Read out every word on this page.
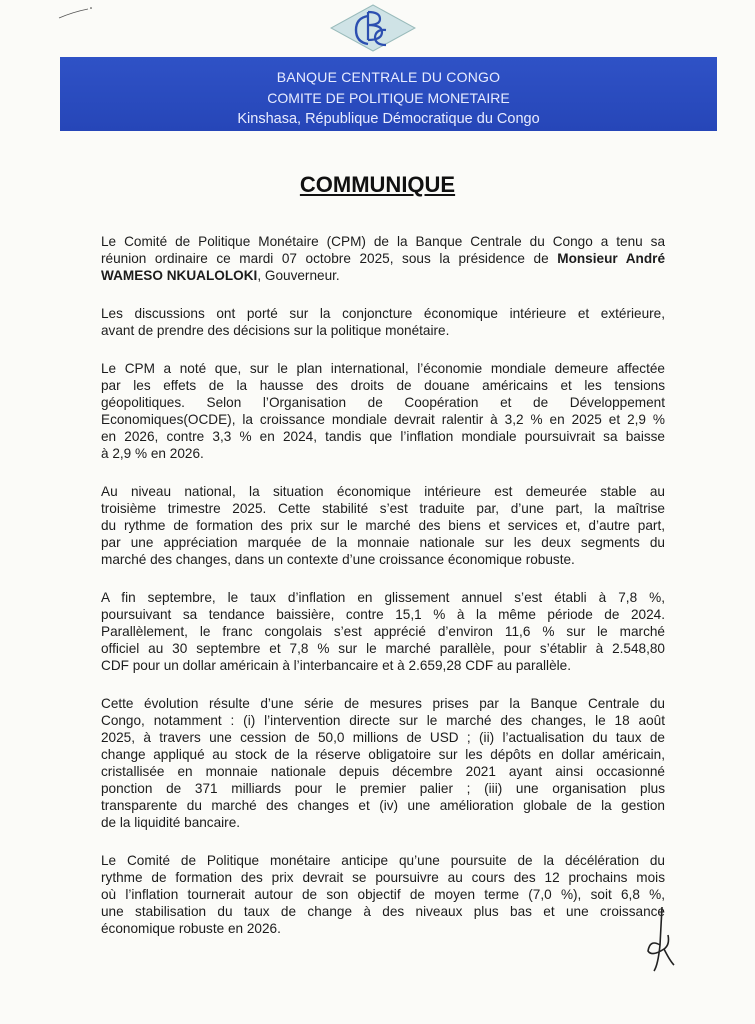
BANQUE CENTRALE DU CONGO
COMITE DE POLITIQUE MONETAIRE
Kinshasa, République Démocratique du Congo
COMMUNIQUE
Le Comité de Politique Monétaire (CPM) de la Banque Centrale du Congo a tenu sa
réunion ordinaire ce mardi 07 octobre 2025, sous la présidence de Monsieur André
WAMESO NKUALOLOKI, Gouverneur.
Les discussions ont porté sur la conjoncture économique intérieure et extérieure,
avant de prendre des décisions sur la politique monétaire.
Le CPM a noté que, sur le plan international, l’économie mondiale demeure affectée
par les effets de la hausse des droits de douane américains et les tensions
géopolitiques. Selon l’Organisation de Coopération et de Développement
Economiques(OCDE), la croissance mondiale devrait ralentir à 3,2 % en 2025 et 2,9 %
en 2026, contre 3,3 % en 2024, tandis que l’inflation mondiale poursuivrait sa baisse
à 2,9 % en 2026.
Au niveau national, la situation économique intérieure est demeurée stable au
troisième trimestre 2025. Cette stabilité s’est traduite par, d’une part, la maîtrise
du rythme de formation des prix sur le marché des biens et services et, d’autre part,
par une appréciation marquée de la monnaie nationale sur les deux segments du
marché des changes, dans un contexte d’une croissance économique robuste.
A fin septembre, le taux d’inflation en glissement annuel s’est établi à 7,8 %,
poursuivant sa tendance baissière, contre 15,1 % à la même période de 2024.
Parallèlement, le franc congolais s’est apprécié d’environ 11,6 % sur le marché
officiel au 30 septembre et 7,8 % sur le marché parallèle, pour s’établir à 2.548,80
CDF pour un dollar américain à l’interbancaire et à 2.659,28 CDF au parallèle.
Cette évolution résulte d’une série de mesures prises par la Banque Centrale du
Congo, notamment : (i) l’intervention directe sur le marché des changes, le 18 août
2025, à travers une cession de 50,0 millions de USD ; (ii) l’actualisation du taux de
change appliqué au stock de la réserve obligatoire sur les dépôts en dollar américain,
cristallisée en monnaie nationale depuis décembre 2021 ayant ainsi occasionné
ponction de 371 milliards pour le premier palier ; (iii) une organisation plus
transparente du marché des changes et (iv) une amélioration globale de la gestion
de la liquidité bancaire.
Le Comité de Politique monétaire anticipe qu’une poursuite de la décélération du
rythme de formation des prix devrait se poursuivre au cours des 12 prochains mois
où l’inflation tournerait autour de son objectif de moyen terme (7,0 %), soit 6,8 %,
une stabilisation du taux de change à des niveaux plus bas et une croissance
économique robuste en 2026.
